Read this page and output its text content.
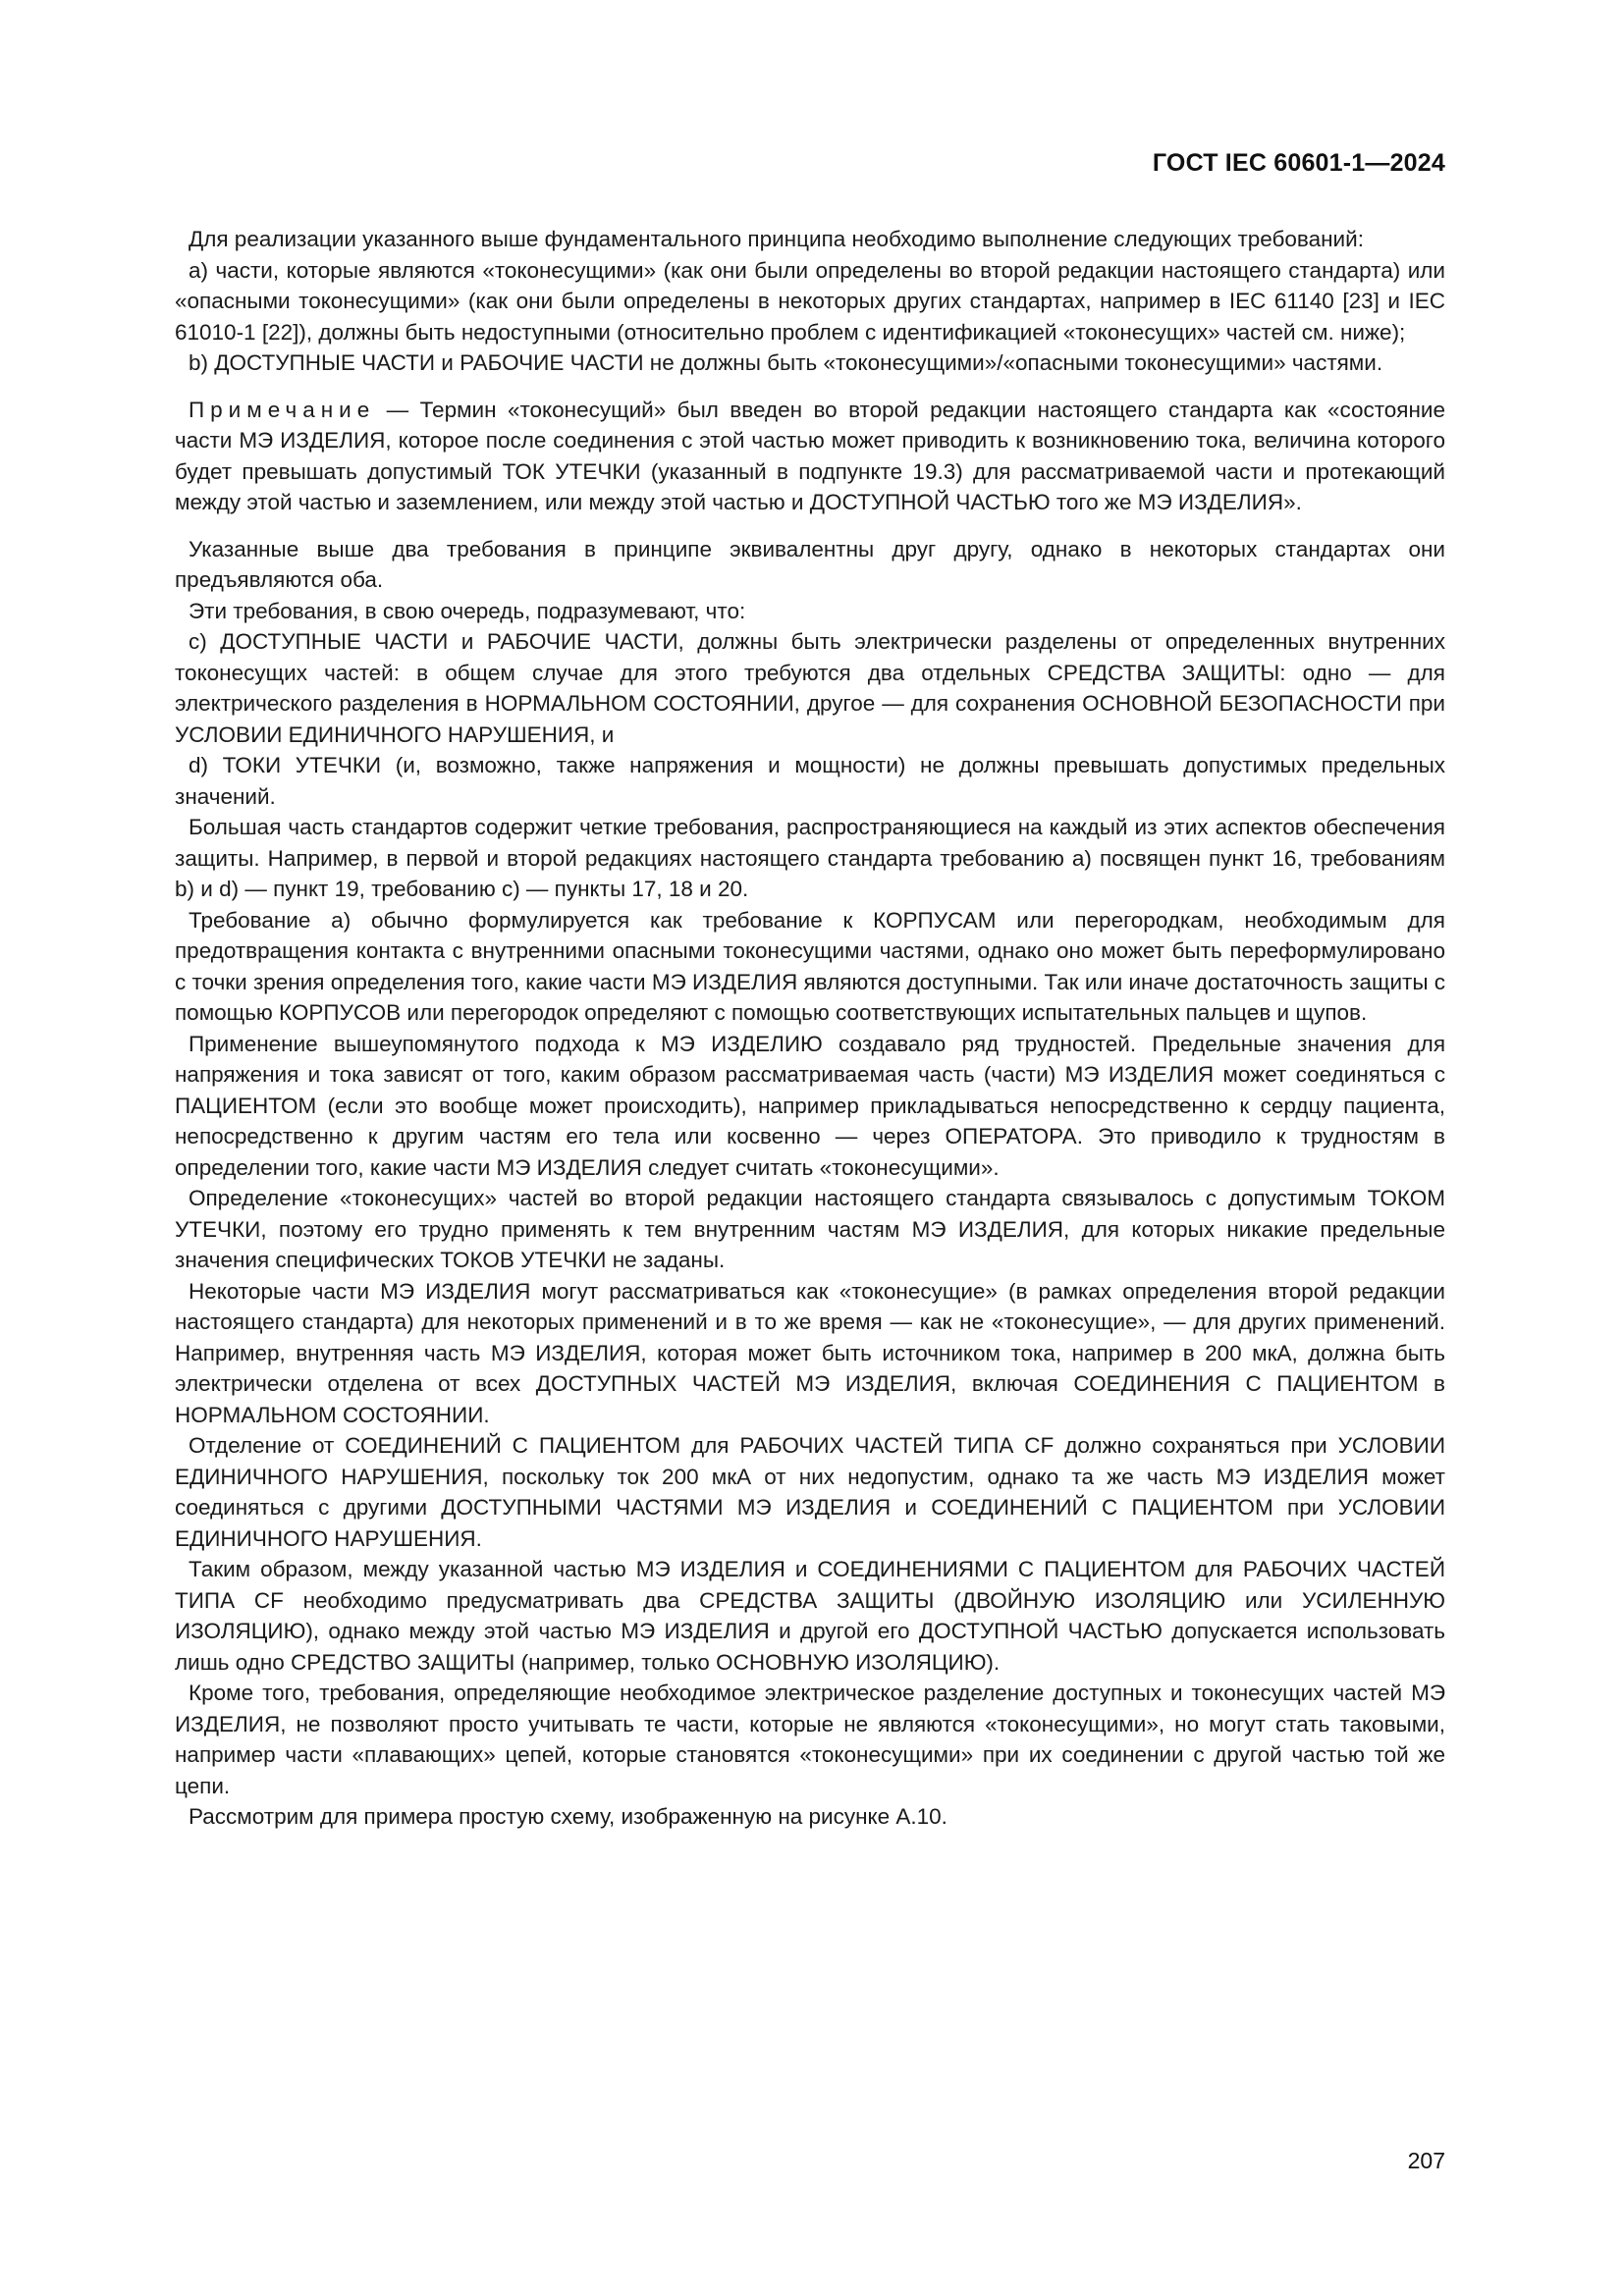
ГОСТ IEC 60601-1—2024

Для реализации указанного выше фундаментального принципа необходимо выполнение следующих требований:

а) части, которые являются «токонесущими» (как они были определены во второй редакции настоящего стандарта) или «опасными токонесущими» (как они были определены в некоторых других стандартах, например в IEC 61140 [23] и IEC 61010-1 [22]), должны быть недоступными (относительно проблем с идентификацией «токонесущих» частей см. ниже);

b) ДОСТУПНЫЕ ЧАСТИ и РАБОЧИЕ ЧАСТИ не должны быть «токонесущими»/«опасными токонесущими» частями.

Примечание — Термин «токонесущий» был введен во второй редакции настоящего стандарта как «состояние части МЭ ИЗДЕЛИЯ, которое после соединения с этой частью может приводить к возникновению тока, величина которого будет превышать допустимый ТОК УТЕЧКИ (указанный в подпункте 19.3) для рассматриваемой части и протекающий между этой частью и заземлением, или между этой частью и ДОСТУПНОЙ ЧАСТЬЮ того же МЭ ИЗДЕЛИЯ».

Указанные выше два требования в принципе эквивалентны друг другу, однако в некоторых стандартах они предъявляются оба.

Эти требования, в свою очередь, подразумевают, что:

c) ДОСТУПНЫЕ ЧАСТИ и РАБОЧИЕ ЧАСТИ, должны быть электрически разделены от определенных внутренних токонесущих частей: в общем случае для этого требуются два отдельных СРЕДСТВА ЗАЩИТЫ: одно — для электрического разделения в НОРМАЛЬНОМ СОСТОЯНИИ, другое — для сохранения ОСНОВНОЙ БЕЗОПАСНОСТИ при УСЛОВИИ ЕДИНИЧНОГО НАРУШЕНИЯ, и

d) ТОКИ УТЕЧКИ (и, возможно, также напряжения и мощности) не должны превышать допустимых предельных значений.

Большая часть стандартов содержит четкие требования, распространяющиеся на каждый из этих аспектов обеспечения защиты. Например, в первой и второй редакциях настоящего стандарта требованию а) посвящен пункт 16, требованиям b) и d) — пункт 19, требованию с) — пункты 17, 18 и 20.

Требование а) обычно формулируется как требование к КОРПУСАМ или перегородкам, необходимым для предотвращения контакта с внутренними опасными токонесущими частями, однако оно может быть переформулировано с точки зрения определения того, какие части МЭ ИЗДЕЛИЯ являются доступными. Так или иначе достаточность защиты с помощью КОРПУСОВ или перегородок определяют с помощью соответствующих испытательных пальцев и щупов.

Применение вышеупомянутого подхода к МЭ ИЗДЕЛИЮ создавало ряд трудностей. Предельные значения для напряжения и тока зависят от того, каким образом рассматриваемая часть (части) МЭ ИЗДЕЛИЯ может соединяться с ПАЦИЕНТОМ (если это вообще может происходить), например прикладываться непосредственно к сердцу пациента, непосредственно к другим частям его тела или косвенно — через ОПЕРАТОРА. Это приводило к трудностям в определении того, какие части МЭ ИЗДЕЛИЯ следует считать «токонесущими».

Определение «токонесущих» частей во второй редакции настоящего стандарта связывалось с допустимым ТОКОМ УТЕЧКИ, поэтому его трудно применять к тем внутренним частям МЭ ИЗДЕЛИЯ, для которых никакие предельные значения специфических ТОКОВ УТЕЧКИ не заданы.

Некоторые части МЭ ИЗДЕЛИЯ могут рассматриваться как «токонесущие» (в рамках определения второй редакции настоящего стандарта) для некоторых применений и в то же время — как не «токонесущие», — для других применений. Например, внутренняя часть МЭ ИЗДЕЛИЯ, которая может быть источником тока, например в 200 мкА, должна быть электрически отделена от всех ДОСТУПНЫХ ЧАСТЕЙ МЭ ИЗДЕЛИЯ, включая СОЕДИНЕНИЯ С ПАЦИЕНТОМ в НОРМАЛЬНОМ СОСТОЯНИИ.

Отделение от СОЕДИНЕНИЙ С ПАЦИЕНТОМ для РАБОЧИХ ЧАСТЕЙ ТИПА CF должно сохраняться при УСЛОВИИ ЕДИНИЧНОГО НАРУШЕНИЯ, поскольку ток 200 мкА от них недопустим, однако та же часть МЭ ИЗДЕЛИЯ может соединяться с другими ДОСТУПНЫМИ ЧАСТЯМИ МЭ ИЗДЕЛИЯ и СОЕДИНЕНИЙ С ПАЦИЕНТОМ при УСЛОВИИ ЕДИНИЧНОГО НАРУШЕНИЯ.

Таким образом, между указанной частью МЭ ИЗДЕЛИЯ и СОЕДИНЕНИЯМИ С ПАЦИЕНТОМ для РАБОЧИХ ЧАСТЕЙ ТИПА CF необходимо предусматривать два СРЕДСТВА ЗАЩИТЫ (ДВОЙНУЮ ИЗОЛЯЦИЮ или УСИЛЕННУЮ ИЗОЛЯЦИЮ), однако между этой частью МЭ ИЗДЕЛИЯ и другой его ДОСТУПНОЙ ЧАСТЬЮ допускается использовать лишь одно СРЕДСТВО ЗАЩИТЫ (например, только ОСНОВНУЮ ИЗОЛЯЦИЮ).

Кроме того, требования, определяющие необходимое электрическое разделение доступных и токонесущих частей МЭ ИЗДЕЛИЯ, не позволяют просто учитывать те части, которые не являются «токонесущими», но могут стать таковыми, например части «плавающих» цепей, которые становятся «токонесущими» при их соединении с другой частью той же цепи.

Рассмотрим для примера простую схему, изображенную на рисунке А.10.

207
